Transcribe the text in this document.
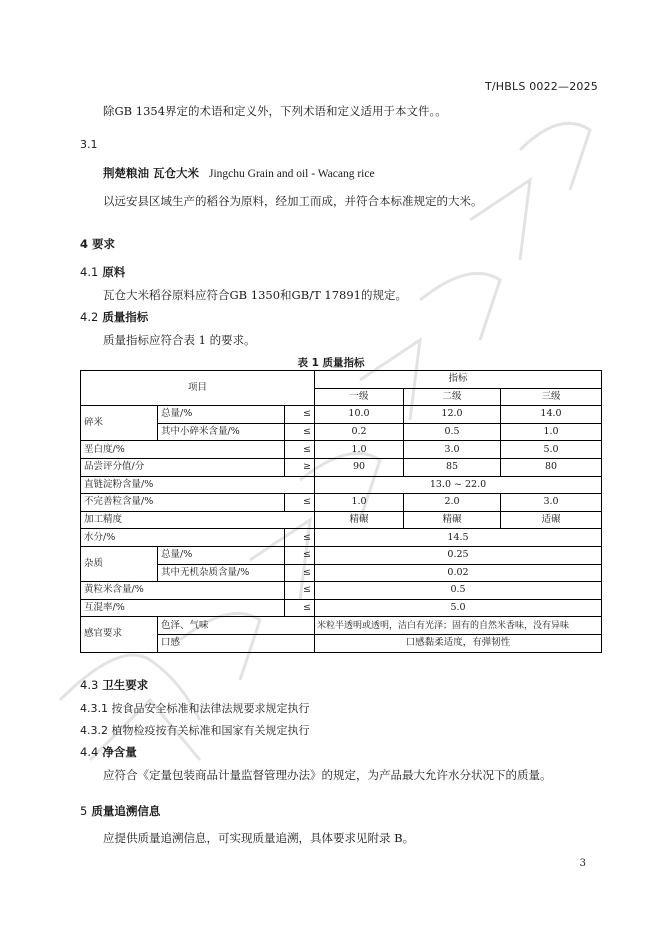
T/HBLS 0022—2025
除GB 1354界定的术语和定义外，下列术语和定义适用于本文件。。
3.1
荆楚粮油 瓦仓大米 Jingchu Grain and oil - Wacang rice
以远安县区域生产的稻谷为原料，经加工而成，并符合本标准规定的大米。
4 要求
4.1 原料
瓦仓大米稻谷原料应符合GB 1350和GB/T 17891的规定。
4.2 质量指标
质量指标应符合表 1 的要求。
表 1 质量指标
项目			指标		
			一级	二级	三级
碎米	总量/%	≤	10.0	12.0	14.0
	其中小碎米含量/%	≤	0.2	0.5	1.0
垩白度/%		≤	1.0	3.0	5.0
品尝评分值/分		≥	90	85	80
直链淀粉含量/%			13.0 ~ 22.0		
不完善粒含量/%		≤	1.0	2.0	3.0
加工精度			精碾	精碾	适碾
水分/%		≤	14.5		
杂质	总量/%	≤	0.25		
	其中无机杂质含量/%	≤	0.02		
黄粒米含量/%		≤	0.5		
互混率/%		≤	5.0		
感官要求	色泽、气味		米粒半透明或透明，洁白有光泽；固有的自然米香味，没有异味		
	口感		口感黏柔适度，有弹韧性		
4.3 卫生要求
4.3.1 按食品安全标准和法律法规要求规定执行
4.3.2 植物检疫按有关标准和国家有关规定执行
4.4 净含量
应符合《定量包装商品计量监督管理办法》的规定，为产品最大允许水分状况下的质量。
5 质量追溯信息
应提供质量追溯信息，可实现质量追溯，具体要求见附录 B。
3
